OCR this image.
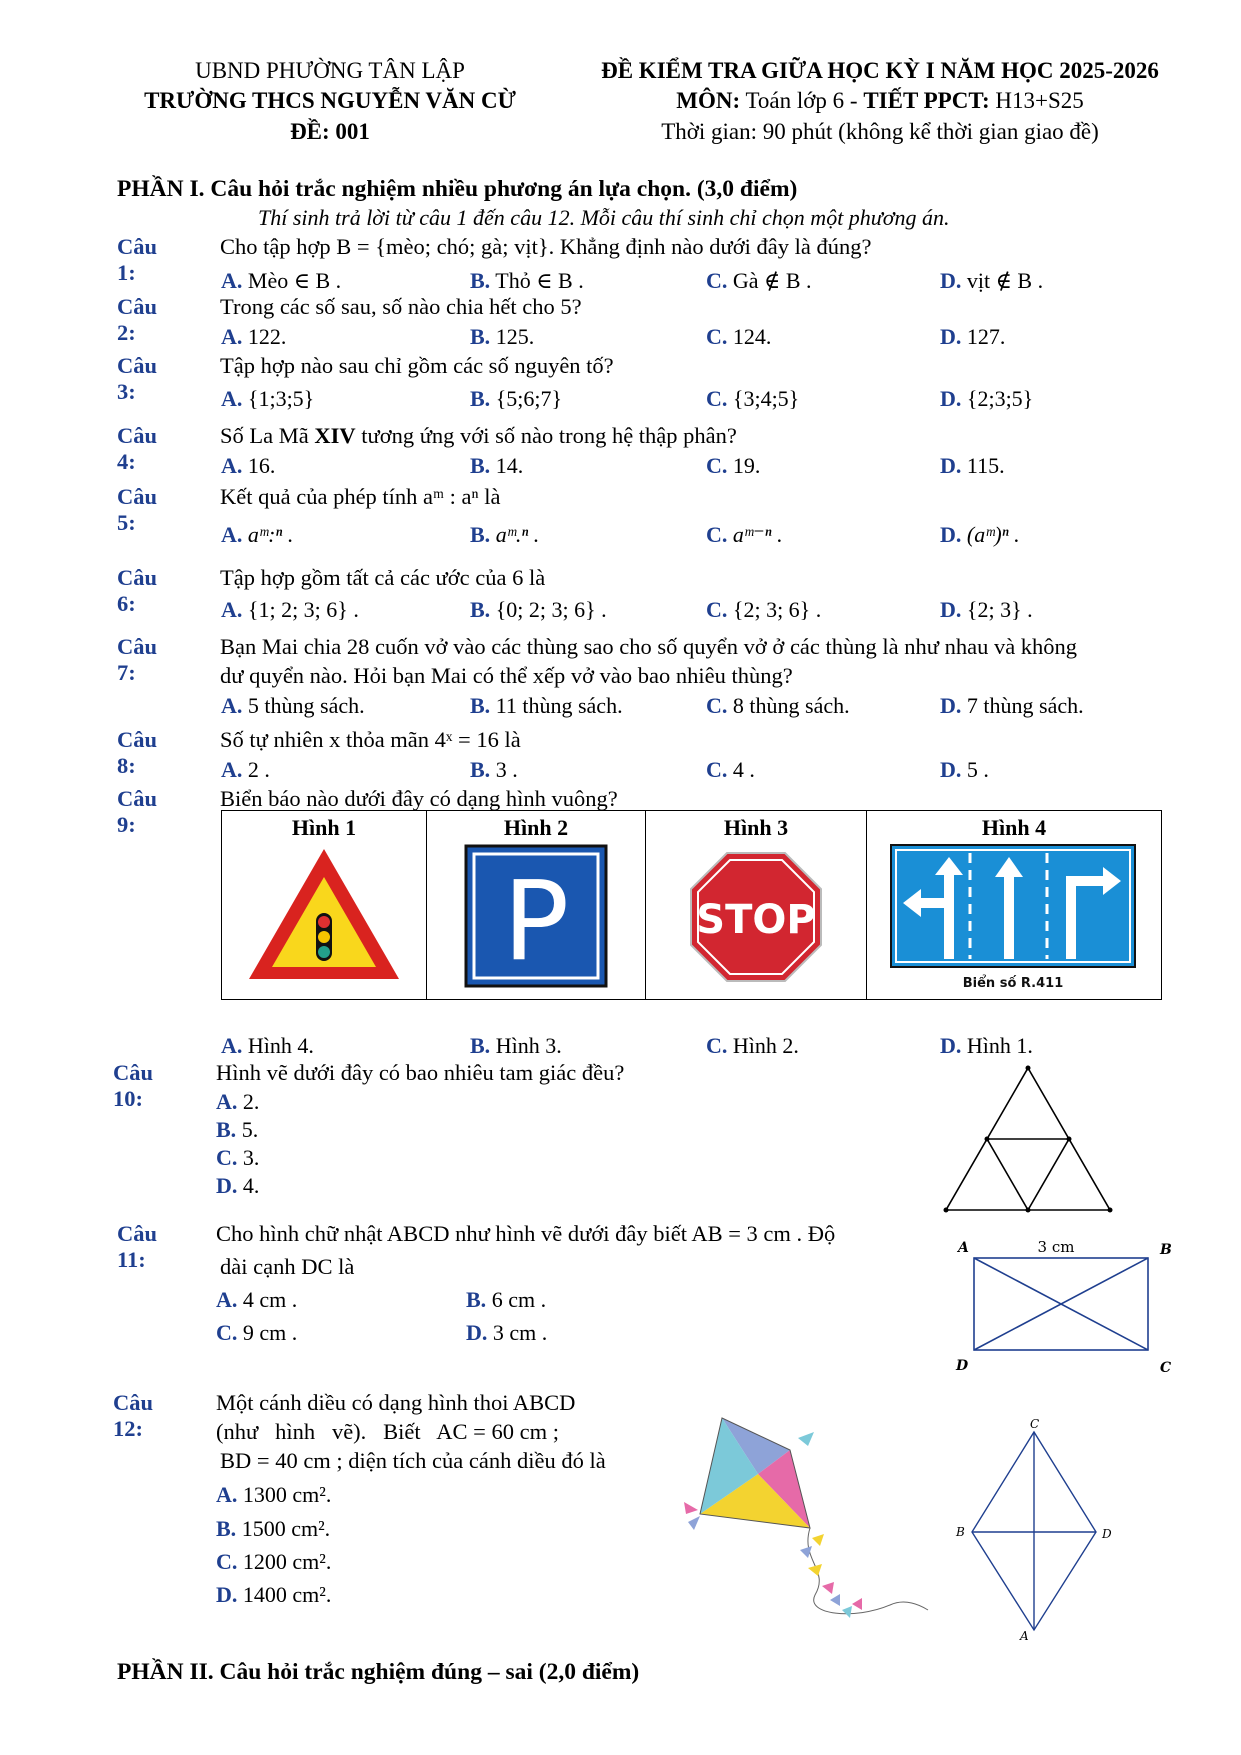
UBND PHƯỜNG TÂN LẬP
TRƯỜNG THCS NGUYỄN VĂN CỪ
ĐỀ: 001
ĐỀ KIỂM TRA GIỮA HỌC KỲ I NĂM HỌC 2025-2026
MÔN: Toán lớp 6 - TIẾT PPCT: H13+S25
Thời gian: 90 phút (không kể thời gian giao đề)
PHẦN I. Câu hỏi trắc nghiệm nhiều phương án lựa chọn. (3,0 điểm)
Thí sinh trả lời từ câu 1 đến câu 12. Mỗi câu thí sinh chỉ chọn một phương án.
Câu 1:
Cho tập hợp B = {mèo; chó; gà; vịt}. Khẳng định nào dưới đây là đúng?
A. Mèo ∈ B .	B. Thỏ ∈ B .	C. Gà ∉ B .	D. vịt ∉ B .
Câu 2:
Trong các số sau, số nào chia hết cho 5?
A. 122.	B. 125.	C. 124.	D. 127.
Câu 3:
Tập hợp nào sau chỉ gồm các số nguyên tố?
A. {1;3;5}	B. {5;6;7}	C. {3;4;5}	D. {2;3;5}
Câu 4:
Số La Mã XIV tương ứng với số nào trong hệ thập phân?
A. 16.	B. 14.	C. 19.	D. 115.
Câu 5:
Kết quả của phép tính aᵐ : aⁿ là
A. aᵐ:ⁿ .	B. aᵐ.ⁿ .	C. aᵐ⁻ⁿ .	D. (aᵐ)ⁿ .
Câu 6:
Tập hợp gồm tất cả các ước của 6 là
A. {1; 2; 3; 6} .	B. {0; 2; 3; 6} .	C. {2; 3; 6} .	D. {2; 3} .
Câu 7:
Bạn Mai chia 28 cuốn vở vào các thùng sao cho số quyển vở ở các thùng là như nhau và không
dư quyển nào. Hỏi bạn Mai có thể xếp vở vào bao nhiêu thùng?
A. 5 thùng sách.	B. 11 thùng sách.	C. 8 thùng sách.	D. 7 thùng sách.
Câu 8:
Số tự nhiên x thỏa mãn 4ˣ = 16 là
A. 2 .	B. 3 .	C. 4 .	D. 5 .
Câu 9:
Biển báo nào dưới đây có dạng hình vuông?
Hình 1	Hình 2
P

Hình 3
STOP

Hình 4
Biển số R.411
A. Hình 4.	B. Hình 3.	C. Hình 2.	D. Hình 1.
Câu 10:
Hình vẽ dưới đây có bao nhiêu tam giác đều?
A. 2.
B. 5.
C. 3.
D. 4.
Câu 11:
Cho hình chữ nhật ABCD như hình vẽ dưới đây biết AB = 3 cm . Độ
dài cạnh DC là
A. 4 cm .	B. 6 cm .
C. 9 cm .	D. 3 cm .
A	B
C
D
3 cm
Câu 12:
Một cánh diều có dạng hình thoi ABCD
(như   hình   vẽ).   Biết   AC = 60 cm ;
BD = 40 cm ; diện tích của cánh diều đó là
A. 1300 cm².
B. 1500 cm².
C. 1200 cm².
D. 1400 cm².
C
B	D
A
PHẦN II. Câu hỏi trắc nghiệm đúng – sai (2,0 điểm)
